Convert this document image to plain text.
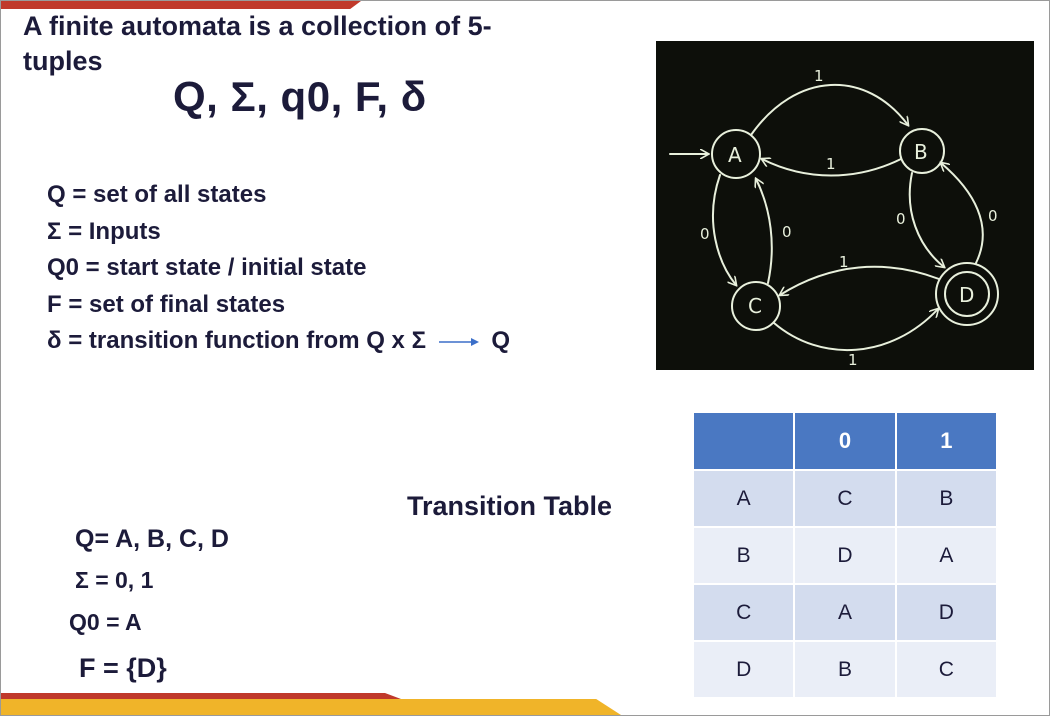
A finite automata is a collection of 5-tuples
Q, Σ, q0, F, δ
Q = set of all states
Σ = Inputs
Q0 = start state / initial state
F = set of final states
δ = transition function from Q x Σ	Q
A	B
C	D
1
1
0	0
0	0
1
1
Transition Table
	0	1
A	C	B
B	D	A
C	A	D
D	B	C
Q= A, B, C, D
Σ = 0, 1
Q0 = A
F = {D}
